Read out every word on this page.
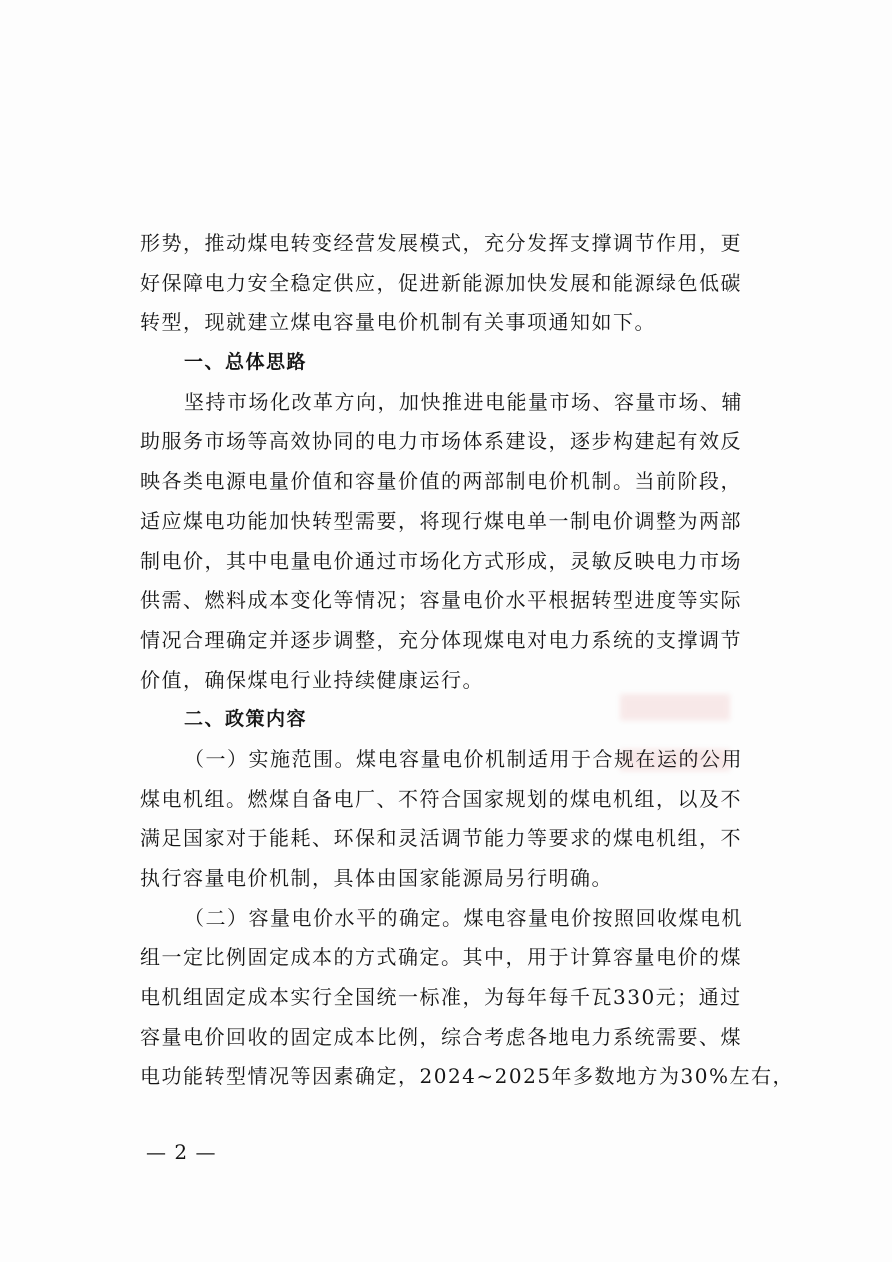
形势，推动煤电转变经营发展模式，充分发挥支撑调节作用，更
好保障电力安全稳定供应，促进新能源加快发展和能源绿色低碳
转型，现就建立煤电容量电价机制有关事项通知如下。
一、总体思路
坚持市场化改革方向，加快推进电能量市场、容量市场、辅
助服务市场等高效协同的电力市场体系建设，逐步构建起有效反
映各类电源电量价值和容量价值的两部制电价机制。当前阶段，
适应煤电功能加快转型需要，将现行煤电单一制电价调整为两部
制电价，其中电量电价通过市场化方式形成，灵敏反映电力市场
供需、燃料成本变化等情况；容量电价水平根据转型进度等实际
情况合理确定并逐步调整，充分体现煤电对电力系统的支撑调节
价值，确保煤电行业持续健康运行。
二、政策内容
（一）实施范围。煤电容量电价机制适用于合规在运的公用
煤电机组。燃煤自备电厂、不符合国家规划的煤电机组，以及不
满足国家对于能耗、环保和灵活调节能力等要求的煤电机组，不
执行容量电价机制，具体由国家能源局另行明确。
（二）容量电价水平的确定。煤电容量电价按照回收煤电机
组一定比例固定成本的方式确定。其中，用于计算容量电价的煤
电机组固定成本实行全国统一标准，为每年每千瓦330元；通过
容量电价回收的固定成本比例，综合考虑各地电力系统需要、煤
电功能转型情况等因素确定，2024~2025年多数地方为30%左右，
— 2 —
